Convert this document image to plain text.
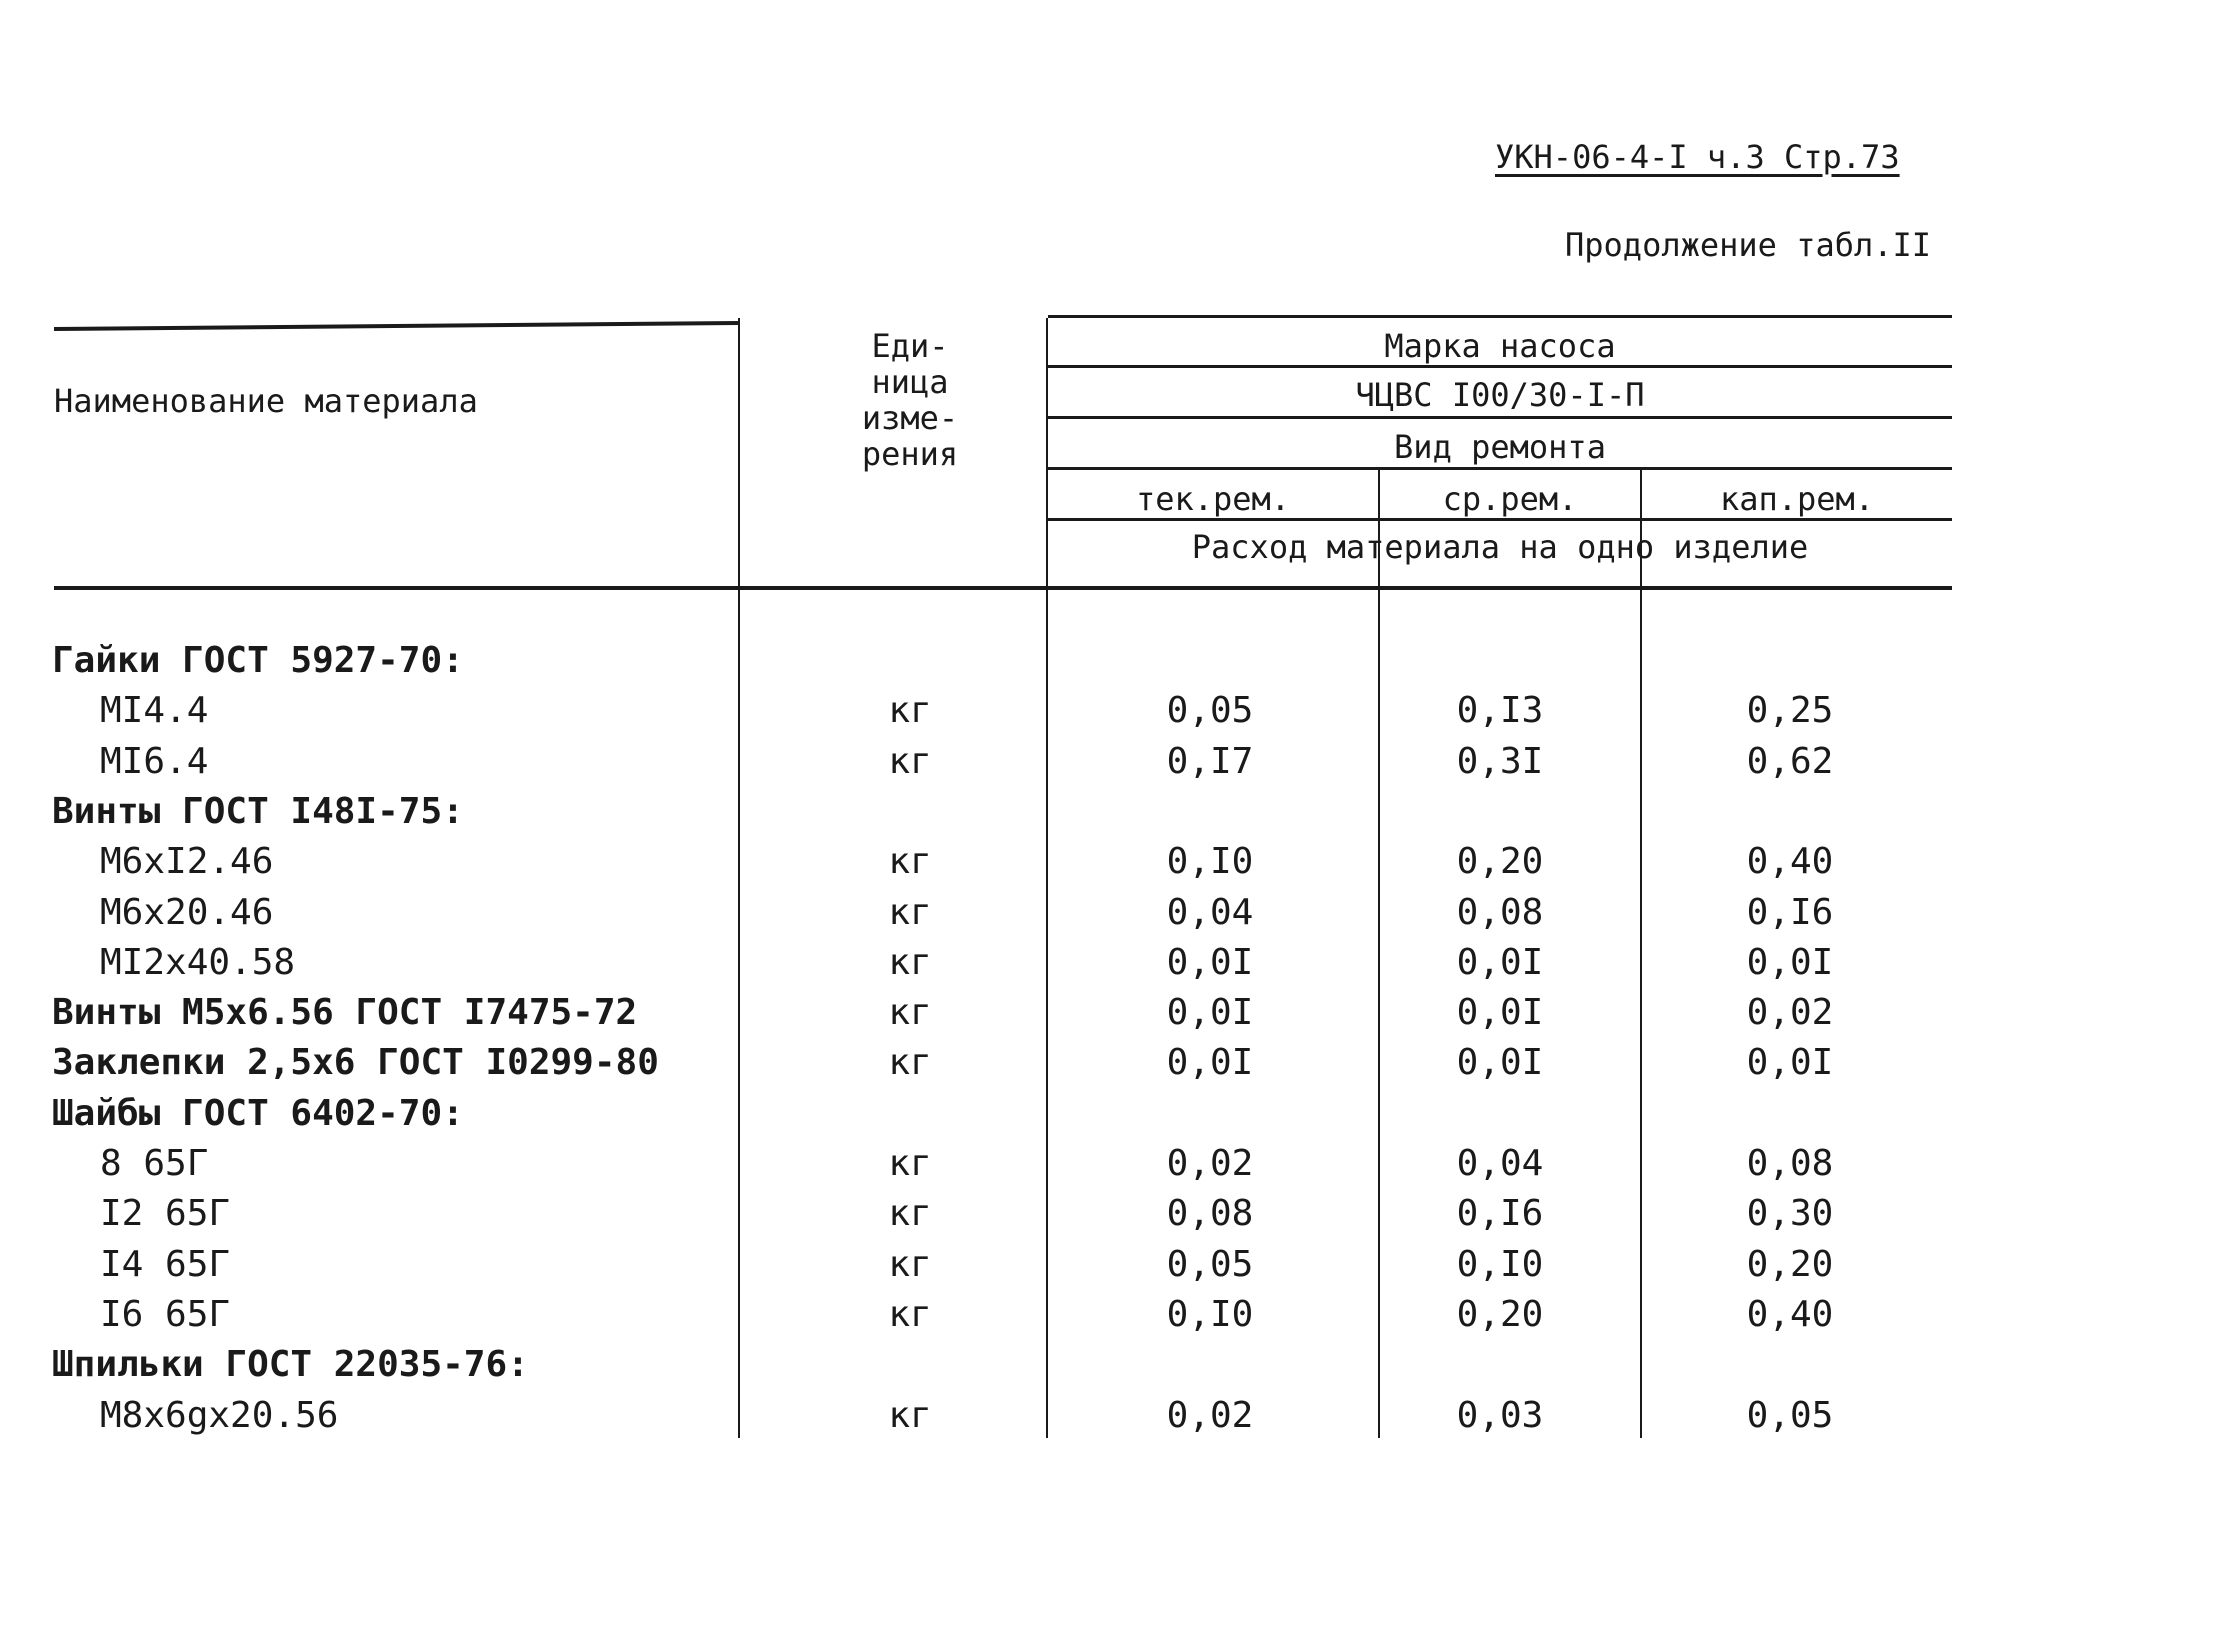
УКН-06-4-I ч.3 Стр.73
Продолжение табл.II
Наименование материала
Еди-
ница
изме-
рения
Марка насоса
ЧЦВС I00/30-I-П
Вид ремонта
тек.рем.	ср.рем.	кап.рем.
Расход материала на одно изделие
Гайки ГОСТ 5927-70:
МI4.4	кг	0,05	0,I3	0,25
МI6.4	кг	0,I7	0,3I	0,62
Винты ГОСТ I48I-75:
М6хI2.46	кг	0,I0	0,20	0,40
М6х20.46	кг	0,04	0,08	0,I6
МI2х40.58	кг	0,0I	0,0I	0,0I
Винты М5х6.56 ГОСТ I7475-72	кг	0,0I	0,0I	0,02
Заклепки 2,5х6 ГОСТ I0299-80	кг	0,0I	0,0I	0,0I
Шайбы ГОСТ 6402-70:
8 65Г	кг	0,02	0,04	0,08
I2 65Г	кг	0,08	0,I6	0,30
I4 65Г	кг	0,05	0,I0	0,20
I6 65Г	кг	0,I0	0,20	0,40
Шпильки ГОСТ 22035-76:
М8х6gх20.56	кг	0,02	0,03	0,05
